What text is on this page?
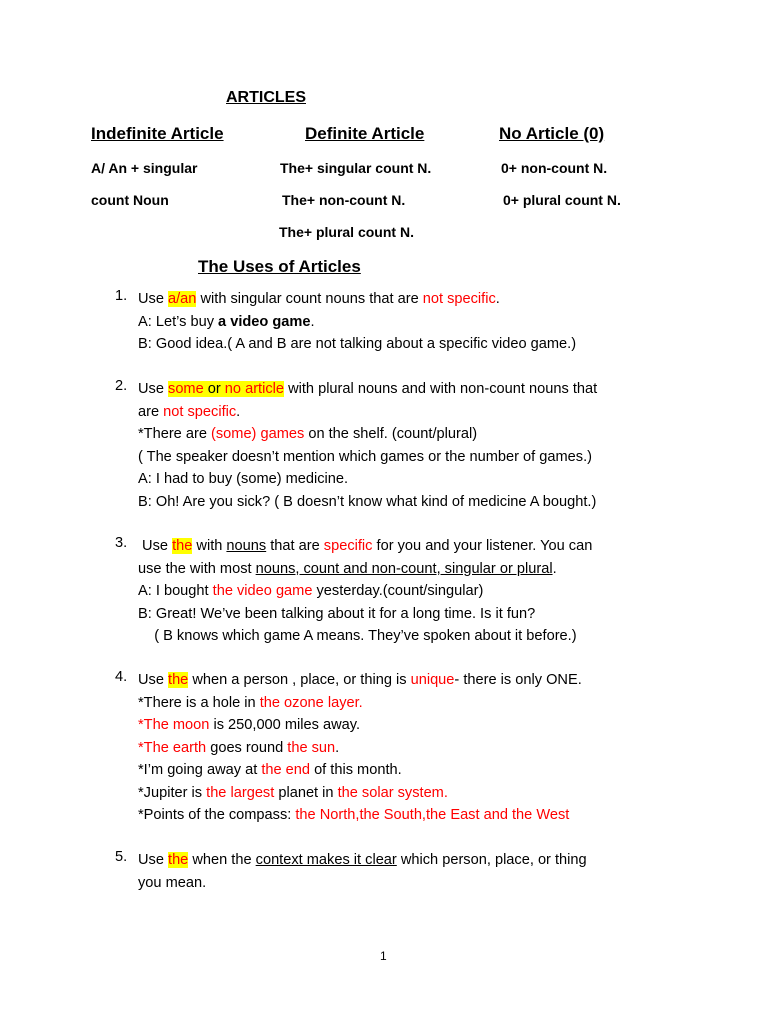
ARTICLES
Indefinite Article	Definite Article	No Article (0)
A/ An + singular
count Noun
The+ singular count N.
The+ non-count N.
The+ plural count N.
0+ non-count N.
0+ plural count N.
The Uses of Articles
1. Use a/an with singular count nouns that are not specific.
A: Let’s buy a video game.
B: Good idea.( A and B are not talking about a specific video game.)
2. Use some or no article with plural nouns and with non-count nouns that
are not specific.
*There are (some) games on the shelf. (count/plural)
( The speaker doesn’t mention which games or the number of games.)
A: I had to buy (some) medicine.
B: Oh! Are you sick? ( B doesn’t know what kind of medicine A bought.)
3. Use the with nouns that are specific for you and your listener. You can
use the with most nouns, count and non-count, singular or plural.
A: I bought the video game yesterday.(count/singular)
B: Great! We’ve been talking about it for a long time. Is it fun?
( B knows which game A means. They’ve spoken about it before.)
4. Use the when a person , place, or thing is unique- there is only ONE.
*There is a hole in the ozone layer.
*The moon is 250,000 miles away.
*The earth goes round the sun.
*I’m going away at the end of this month.
*Jupiter is the largest planet in the solar system.
*Points of the compass: the North,the South,the East and the West
5. Use the when the context makes it clear which person, place, or thing
you mean.
1
